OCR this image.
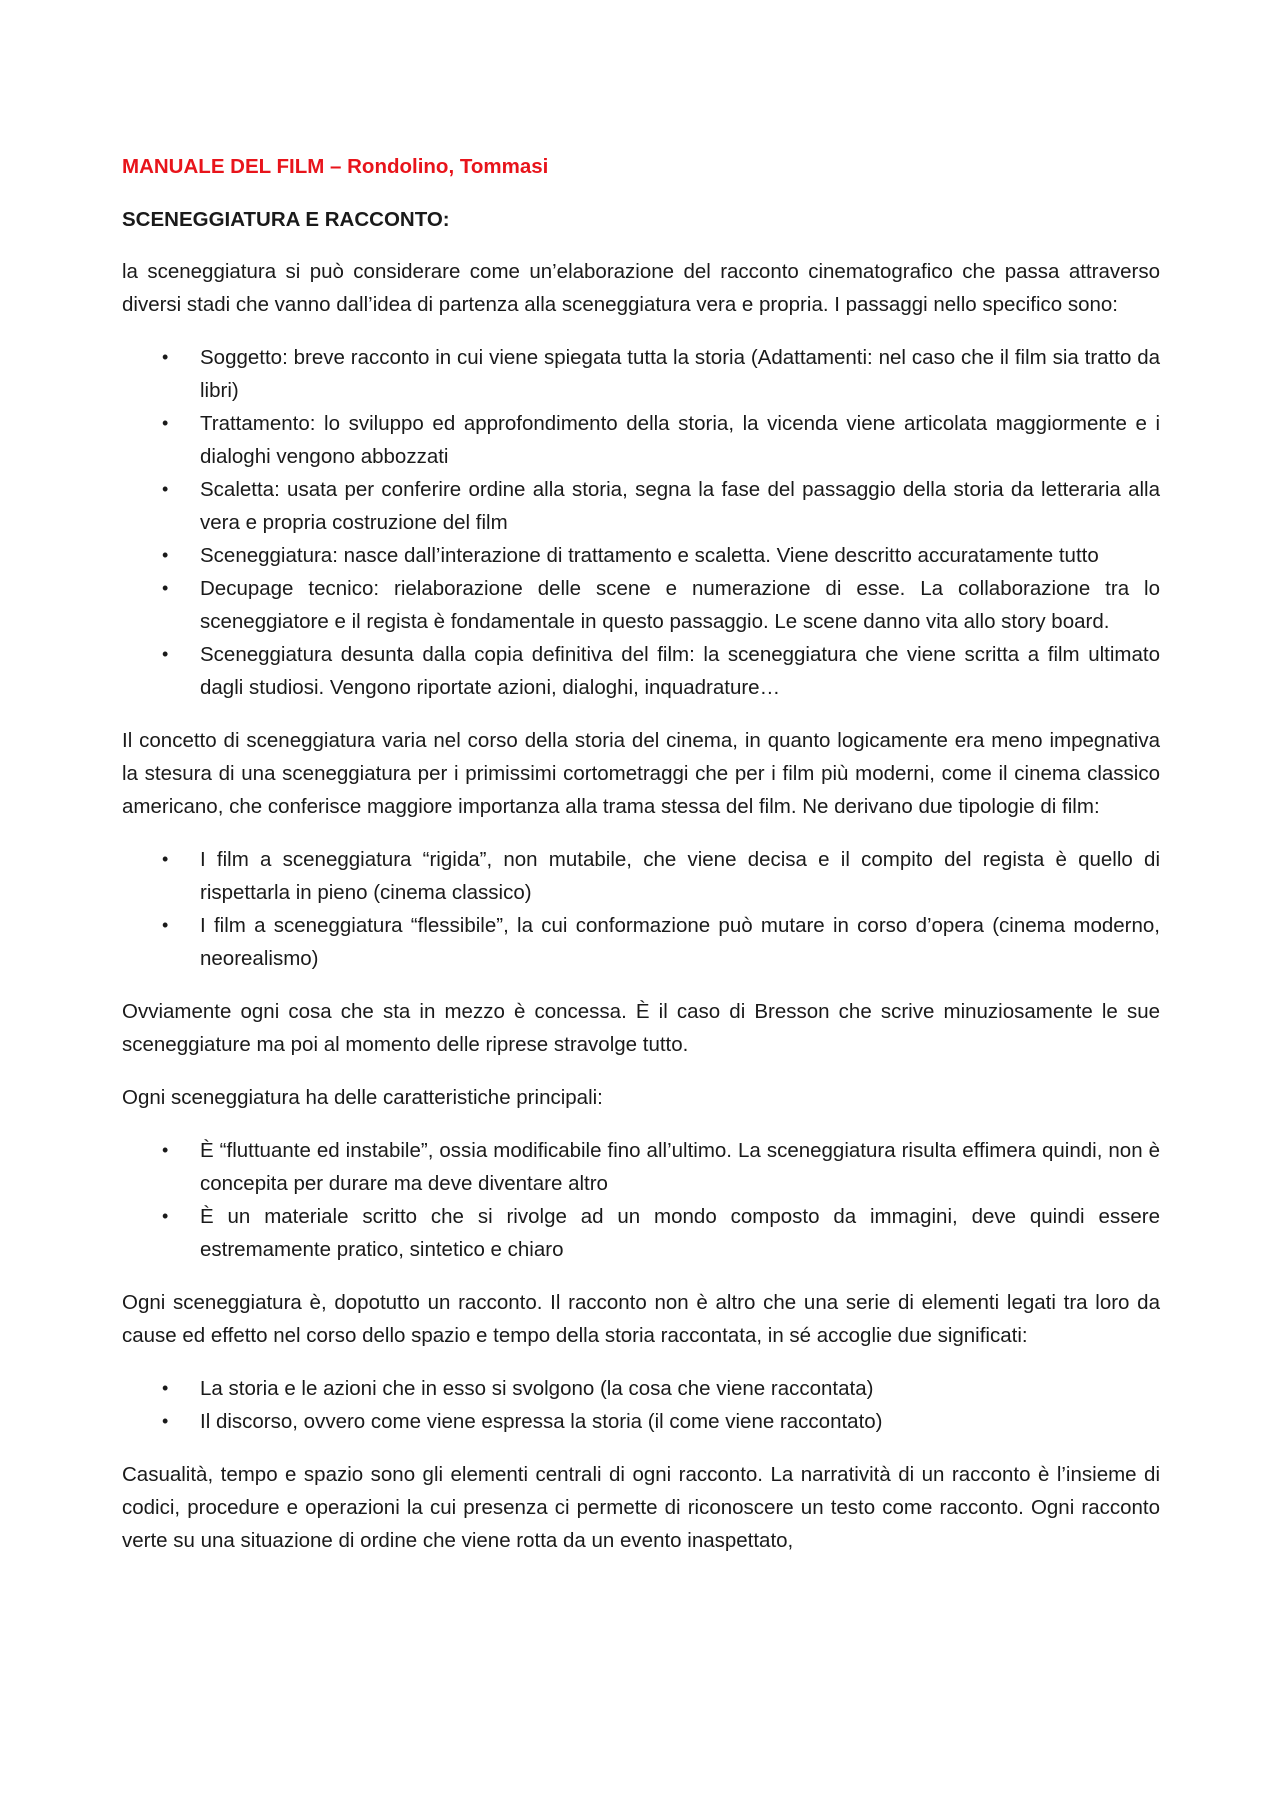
MANUALE DEL FILM – Rondolino, Tommasi
SCENEGGIATURA E RACCONTO:

la sceneggiatura si può considerare come un’elaborazione del racconto cinematografico che passa attraverso diversi stadi che vanno dall’idea di partenza alla sceneggiatura vera e propria. I passaggi nello specifico sono:

• Soggetto: breve racconto in cui viene spiegata tutta la storia (Adattamenti: nel caso che il film sia tratto da libri)
• Trattamento: lo sviluppo ed approfondimento della storia, la vicenda viene articolata maggiormente e i dialoghi vengono abbozzati
• Scaletta: usata per conferire ordine alla storia, segna la fase del passaggio della storia da letteraria alla vera e propria costruzione del film
• Sceneggiatura: nasce dall’interazione di trattamento e scaletta. Viene descritto accuratamente tutto
• Decupage tecnico: rielaborazione delle scene e numerazione di esse. La collaborazione tra lo sceneggiatore e il regista è fondamentale in questo passaggio. Le scene danno vita allo story board.
• Sceneggiatura desunta dalla copia definitiva del film: la sceneggiatura che viene scritta a film ultimato dagli studiosi. Vengono riportate azioni, dialoghi, inquadrature…

Il concetto di sceneggiatura varia nel corso della storia del cinema, in quanto logicamente era meno impegnativa la stesura di una sceneggiatura per i primissimi cortometraggi che per i film più moderni, come il cinema classico americano, che conferisce maggiore importanza alla trama stessa del film. Ne derivano due tipologie di film:

• I film a sceneggiatura “rigida”, non mutabile, che viene decisa e il compito del regista è quello di rispettarla in pieno (cinema classico)
• I film a sceneggiatura “flessibile”, la cui conformazione può mutare in corso d’opera (cinema moderno, neorealismo)

Ovviamente ogni cosa che sta in mezzo è concessa. È il caso di Bresson che scrive minuziosamente le sue sceneggiature ma poi al momento delle riprese stravolge tutto.

Ogni sceneggiatura ha delle caratteristiche principali:

• È “fluttuante ed instabile”, ossia modificabile fino all’ultimo. La sceneggiatura risulta effimera quindi, non è concepita per durare ma deve diventare altro
• È un materiale scritto che si rivolge ad un mondo composto da immagini, deve quindi essere estremamente pratico, sintetico e chiaro

Ogni sceneggiatura è, dopotutto un racconto. Il racconto non è altro che una serie di elementi legati tra loro da cause ed effetto nel corso dello spazio e tempo della storia raccontata, in sé accoglie due significati:

• La storia e le azioni che in esso si svolgono (la cosa che viene raccontata)
• Il discorso, ovvero come viene espressa la storia (il come viene raccontato)

Casualità, tempo e spazio sono gli elementi centrali di ogni racconto. La narratività di un racconto è l’insieme di codici, procedure e operazioni la cui presenza ci permette di riconoscere un testo come racconto. Ogni racconto verte su una situazione di ordine che viene rotta da un evento inaspettato,
